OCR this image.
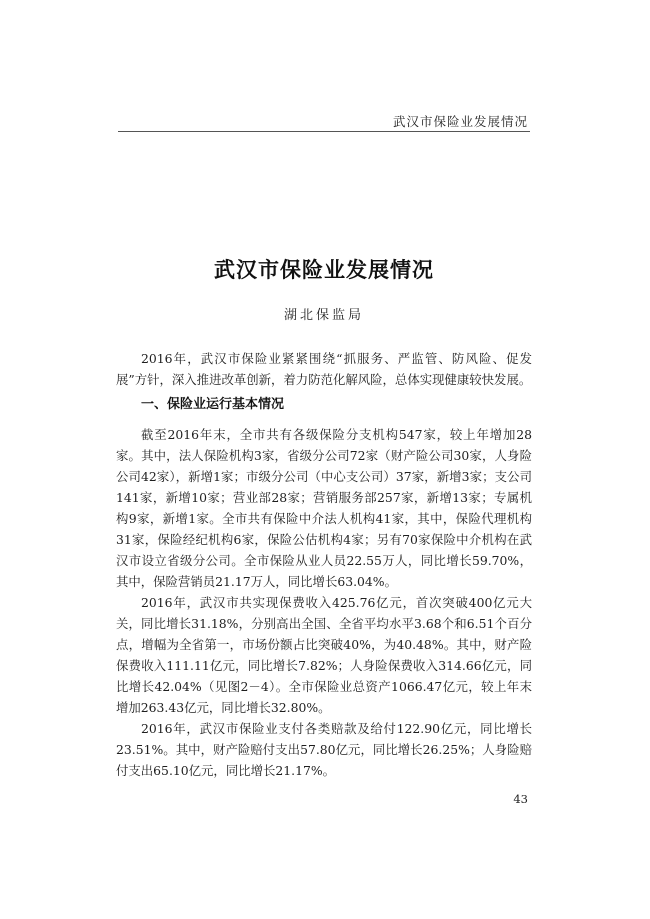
武汉市保险业发展情况
武汉市保险业发展情况
湖北保监局

2016年，武汉市保险业紧紧围绕“抓服务、严监管、防风险、促发展”方针，深入推进改革创新，着力防范化解风险，总体实现健康较快发展。

一、保险业运行基本情况

截至2016年末，全市共有各级保险分支机构547家，较上年增加28家。其中，法人保险机构3家，省级分公司72家（财产险公司30家，人身险公司42家），新增1家；市级分公司（中心支公司）37家，新增3家；支公司141家，新增10家；营业部28家；营销服务部257家，新增13家；专属机构9家，新增1家。全市共有保险中介法人机构41家，其中，保险代理机构31家，保险经纪机构6家，保险公估机构4家；另有70家保险中介机构在武汉市设立省级分公司。全市保险从业人员22.55万人，同比增长59.70%，其中，保险营销员21.17万人，同比增长63.04%。

2016年，武汉市共实现保费收入425.76亿元，首次突破400亿元大关，同比增长31.18%，分别高出全国、全省平均水平3.68个和6.51个百分点，增幅为全省第一，市场份额占比突破40%，为40.48%。其中，财产险保费收入111.11亿元，同比增长7.82%；人身险保费收入314.66亿元，同比增长42.04%（见图2－4）。全市保险业总资产1066.47亿元，较上年末增加263.43亿元，同比增长32.80%。

2016年，武汉市保险业支付各类赔款及给付122.90亿元，同比增长23.51%。其中，财产险赔付支出57.80亿元，同比增长26.25%；人身险赔付支出65.10亿元，同比增长21.17%。

43
